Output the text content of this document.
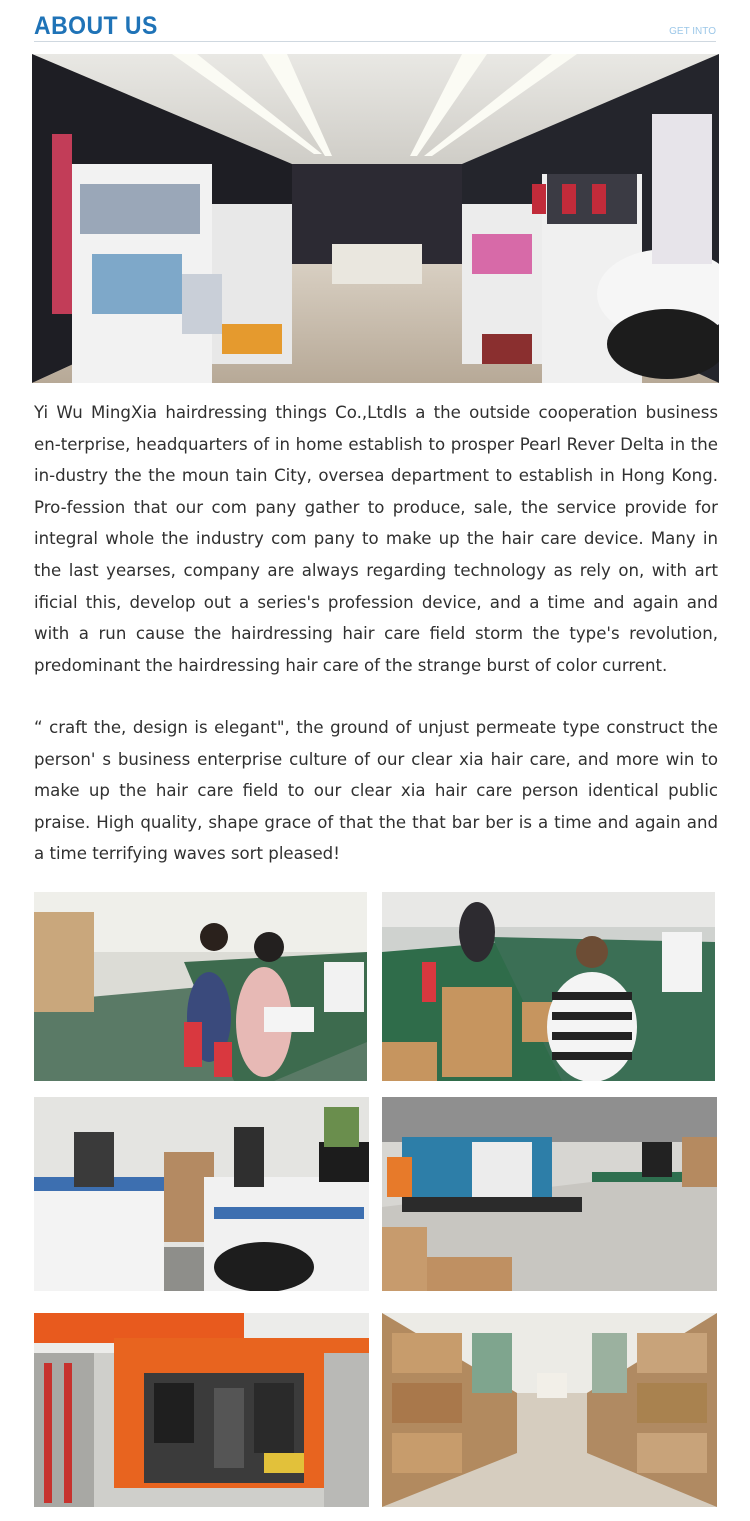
ABOUT US	GET INTO
Yi Wu MingXia hairdressing things Co.,LtdIs a the outside cooperation business en-terprise, headquarters of in home establish to prosper Pearl Rever Delta in the in-dustry the the moun tain City, oversea department to establish in Hong Kong. Pro-fession that our com pany gather to produce, sale, the service provide for integral whole the industry com pany to make up the hair care device. Many in the last yearses, company are always regarding technology as rely on, with art ificial this, develop out a series's profession device, and a time and again and with a run cause the hairdressing hair care field storm the type's revolution, predominant the hairdressing hair care of the strange burst of color current.
“ craft the, design is elegant", the ground of unjust permeate type construct the person' s business enterprise culture of our clear xia hair care, and more win to make up the hair care field to our clear xia hair care person identical public praise. High quality, shape grace of that the that bar ber is a time and again and a time terrifying waves sort pleased!
